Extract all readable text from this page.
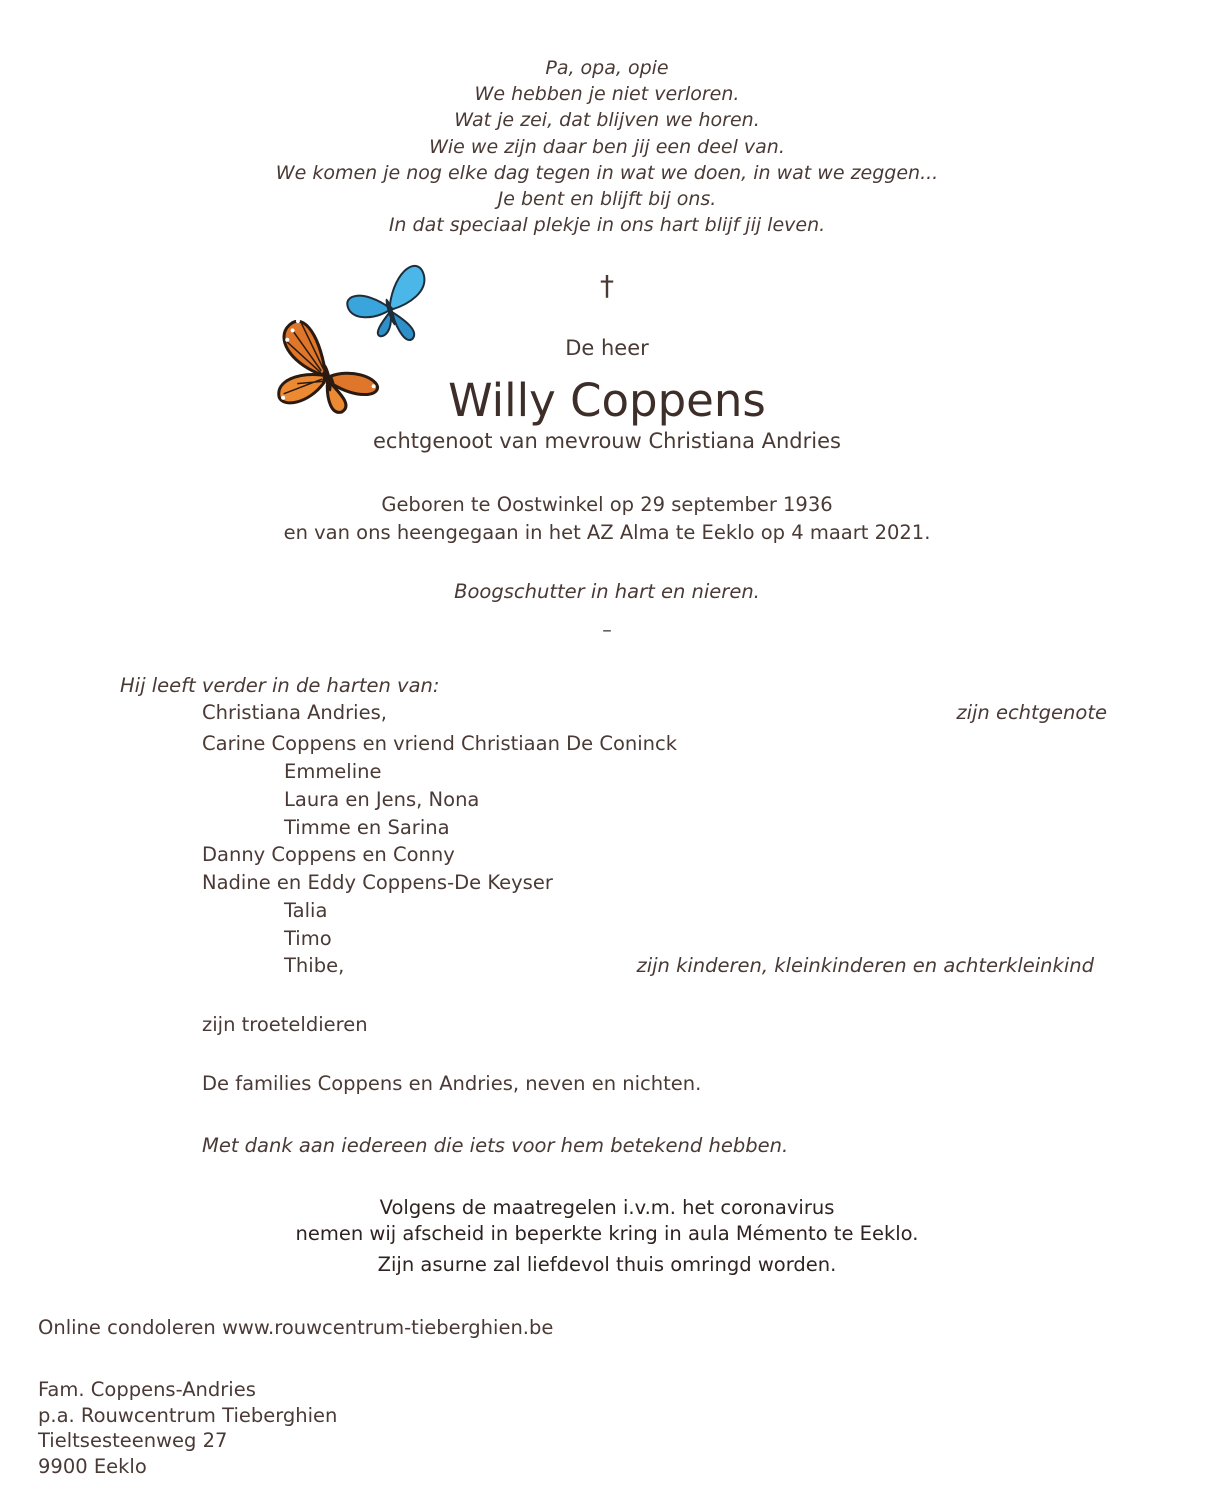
Pa, opa, opie
We hebben je niet verloren.
Wat je zei, dat blijven we horen.
Wie we zijn daar ben jij een deel van.
We komen je nog elke dag tegen in wat we doen, in wat we zeggen...
Je bent en blijft bij ons.
In dat speciaal plekje in ons hart blijf jij leven.
†
De heer
Willy Coppens
echtgenoot van mevrouw Christiana Andries
Geboren te Oostwinkel op 29 september 1936
en van ons heengegaan in het AZ Alma te Eeklo op 4 maart 2021.
Boogschutter in hart en nieren.
–
Hij leeft verder in de harten van:
Christiana Andries,	zijn echtgenote
Carine Coppens en vriend Christiaan De Coninck
Emmeline
Laura en Jens, Nona
Timme en Sarina
Danny Coppens en Conny
Nadine en Eddy Coppens-De Keyser
Talia
Timo
Thibe,	zijn kinderen, kleinkinderen en achterkleinkind
zijn troeteldieren
De families Coppens en Andries, neven en nichten.
Met dank aan iedereen die iets voor hem betekend hebben.
Volgens de maatregelen i.v.m. het coronavirus
nemen wij afscheid in beperkte kring in aula Mémento te Eeklo.
Zijn asurne zal liefdevol thuis omringd worden.
Online condoleren www.rouwcentrum-tieberghien.be
Fam. Coppens-Andries
p.a. Rouwcentrum Tieberghien
Tieltsesteenweg 27
9900 Eeklo
